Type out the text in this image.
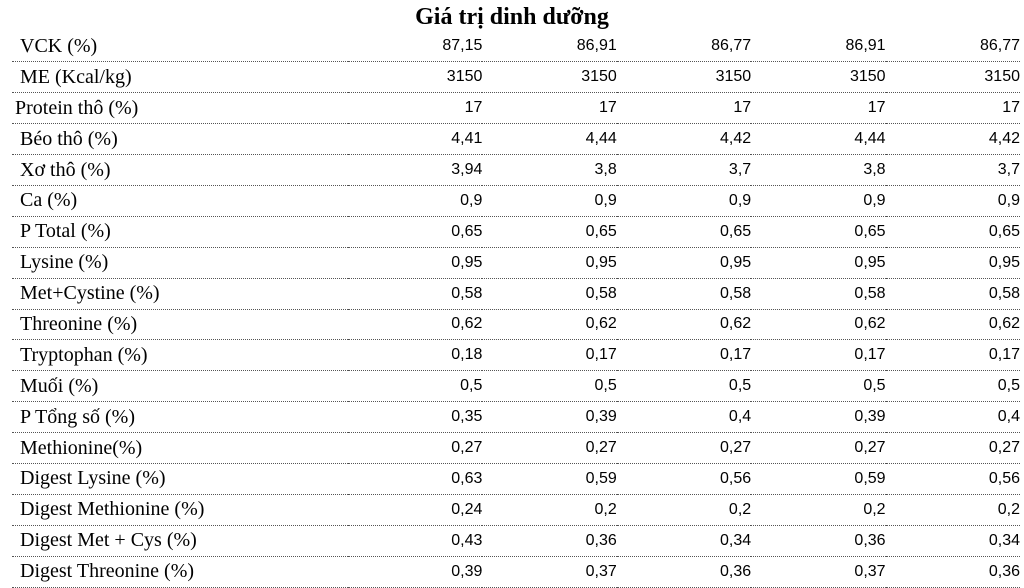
Giá trị dinh dưỡng
VCK (%)	87,15	86,91	86,77	86,91	86,77
ME (Kcal/kg)	3150	3150	3150	3150	3150
Protein thô (%)	17	17	17	17	17
Béo thô (%)	4,41	4,44	4,42	4,44	4,42
Xơ thô (%)	3,94	3,8	3,7	3,8	3,7
Ca (%)	0,9	0,9	0,9	0,9	0,9
P Total (%)	0,65	0,65	0,65	0,65	0,65
Lysine (%)	0,95	0,95	0,95	0,95	0,95
Met+Cystine (%)	0,58	0,58	0,58	0,58	0,58
Threonine (%)	0,62	0,62	0,62	0,62	0,62
Tryptophan (%)	0,18	0,17	0,17	0,17	0,17
Muối (%)	0,5	0,5	0,5	0,5	0,5
P Tổng số (%)	0,35	0,39	0,4	0,39	0,4
Methionine(%)	0,27	0,27	0,27	0,27	0,27
Digest Lysine (%)	0,63	0,59	0,56	0,59	0,56
Digest Methionine (%)	0,24	0,2	0,2	0,2	0,2
Digest Met + Cys (%)	0,43	0,36	0,34	0,36	0,34
Digest Threonine (%)	0,39	0,37	0,36	0,37	0,36
